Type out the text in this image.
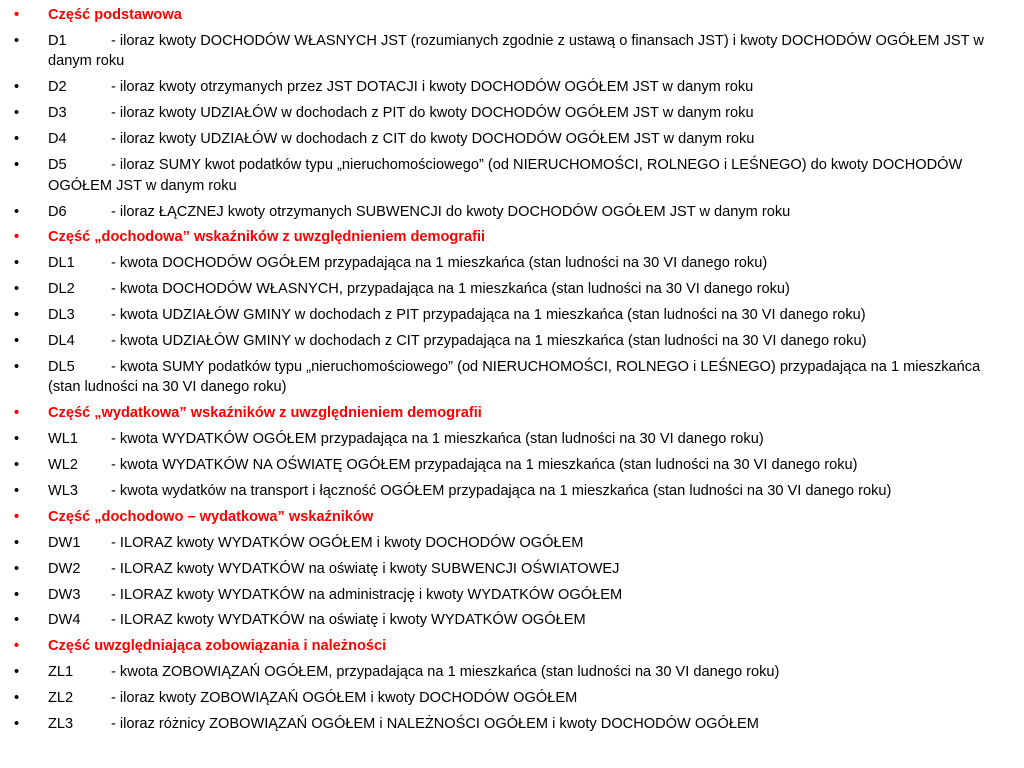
•	Część podstawowa
•	D1	- iloraz kwoty DOCHODÓW WŁASNYCH JST (rozumianych zgodnie z ustawą o finansach JST) i kwoty DOCHODÓW OGÓŁEM JST w danym roku
•	D2	- iloraz kwoty otrzymanych przez JST DOTACJI i kwoty DOCHODÓW OGÓŁEM JST w danym roku
•	D3	- iloraz kwoty UDZIAŁÓW w dochodach z PIT do kwoty DOCHODÓW OGÓŁEM JST w danym roku
•	D4	- iloraz kwoty UDZIAŁÓW w dochodach z CIT do kwoty DOCHODÓW OGÓŁEM JST w danym roku
•	D5	- iloraz SUMY kwot podatków typu „nieruchomościowego” (od NIERUCHOMOŚCI, ROLNEGO i LEŚNEGO) do kwoty DOCHODÓW OGÓŁEM JST w danym roku
•	D6	- iloraz ŁĄCZNEJ kwoty otrzymanych SUBWENCJI do kwoty DOCHODÓW OGÓŁEM JST w danym roku
•	Część „dochodowa” wskaźników z uwzględnieniem demografii
•	DL1 - kwota DOCHODÓW OGÓŁEM przypadająca na 1 mieszkańca (stan ludności na 30 VI danego roku)
•	DL2 - kwota DOCHODÓW WŁASNYCH, przypadająca na 1 mieszkańca (stan ludności na 30 VI danego roku)
•	DL3 - kwota UDZIAŁÓW GMINY w dochodach z PIT przypadająca na 1 mieszkańca (stan ludności na 30 VI danego roku)
•	DL4 - kwota UDZIAŁÓW GMINY w dochodach z CIT przypadająca na 1 mieszkańca (stan ludności na 30 VI danego roku)
•	DL5 - kwota SUMY podatków typu „nieruchomościowego” (od NIERUCHOMOŚCI, ROLNEGO i LEŚNEGO) przypadająca na 1 mieszkańca (stan ludności na 30 VI danego roku)
•	Część „wydatkowa” wskaźników z uwzględnieniem demografii
•	WL1 - kwota WYDATKÓW OGÓŁEM przypadająca na 1 mieszkańca (stan ludności na 30 VI danego roku)
•	WL2 - kwota WYDATKÓW NA OŚWIATĘ OGÓŁEM przypadająca na 1 mieszkańca (stan ludności na 30 VI danego roku)
•	WL3 - kwota wydatków na transport i łączność OGÓŁEM przypadająca na 1 mieszkańca (stan ludności na 30 VI danego roku)
•	Część „dochodowo – wydatkowa” wskaźników
•	DW1 - ILORAZ kwoty WYDATKÓW OGÓŁEM i kwoty DOCHODÓW OGÓŁEM
•	DW2 - ILORAZ kwoty WYDATKÓW na oświatę i kwoty SUBWENCJI OŚWIATOWEJ
•	DW3 - ILORAZ kwoty WYDATKÓW na administrację i kwoty WYDATKÓW OGÓŁEM
•	DW4 - ILORAZ kwoty WYDATKÓW na oświatę i kwoty WYDATKÓW OGÓŁEM
•	Część uwzględniająca zobowiązania i należności
•	ZL1	- kwota ZOBOWIĄZAŃ OGÓŁEM, przypadająca na 1 mieszkańca (stan ludności na 30 VI danego roku)
•	ZL2	- iloraz kwoty ZOBOWIĄZAŃ OGÓŁEM i kwoty DOCHODÓW OGÓŁEM
•	ZL3	- iloraz różnicy ZOBOWIĄZAŃ OGÓŁEM i NALEŻNOŚCI OGÓŁEM i kwoty DOCHODÓW OGÓŁEM
